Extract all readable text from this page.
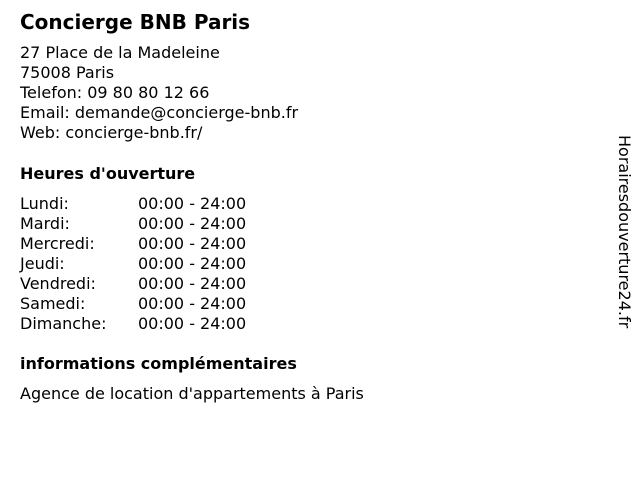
Concierge BNB Paris
27 Place de la Madeleine
75008 Paris
Telefon: 09 80 80 12 66
Email: demande@concierge-bnb.fr
Web: concierge-bnb.fr/
Heures d'ouverture
Lundi:	00:00 - 24:00
Mardi:	00:00 - 24:00
Mercredi:	00:00 - 24:00
Jeudi:	00:00 - 24:00
Vendredi:	00:00 - 24:00
Samedi:	00:00 - 24:00
Dimanche: 00:00 - 24:00
informations complémentaires
Agence de location d'appartements à Paris
Horairesdouverture24.fr
